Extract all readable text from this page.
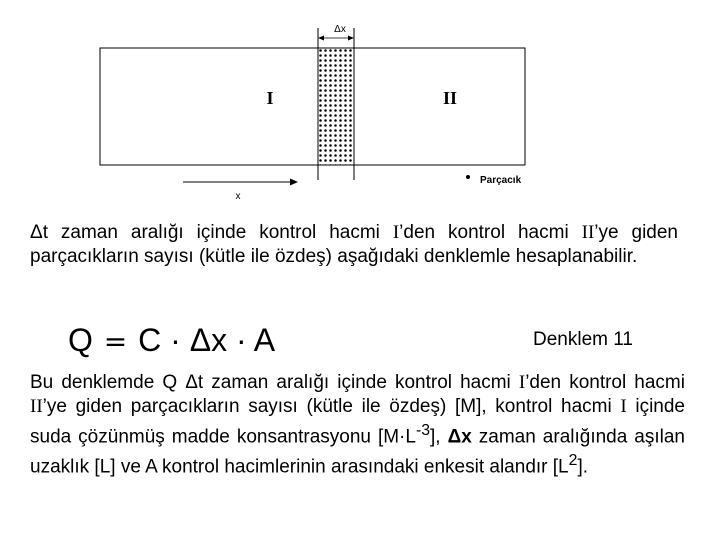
Δx
I	II
x
Parçacık
Δt zaman aralığı içinde kontrol hacmi I’den kontrol hacmi II’ye giden parçacıkların sayısı (kütle ile özdeş) aşağıdaki denklemle hesaplanabilir.
Q = C · Δx · A	Denklem 11
Bu denklemde Q Δt zaman aralığı içinde kontrol hacmi I’den kontrol hacmi II’ye giden parçacıkların sayısı (kütle ile özdeş) [M], kontrol hacmi I içinde suda çözünmüş madde konsantrasyonu $[M\cdot L^{-3}]$, Δx zaman aralığında aşılan uzaklık [L] ve A kontrol hacimlerinin arasındaki enkesit alandır $[L^2]$.
